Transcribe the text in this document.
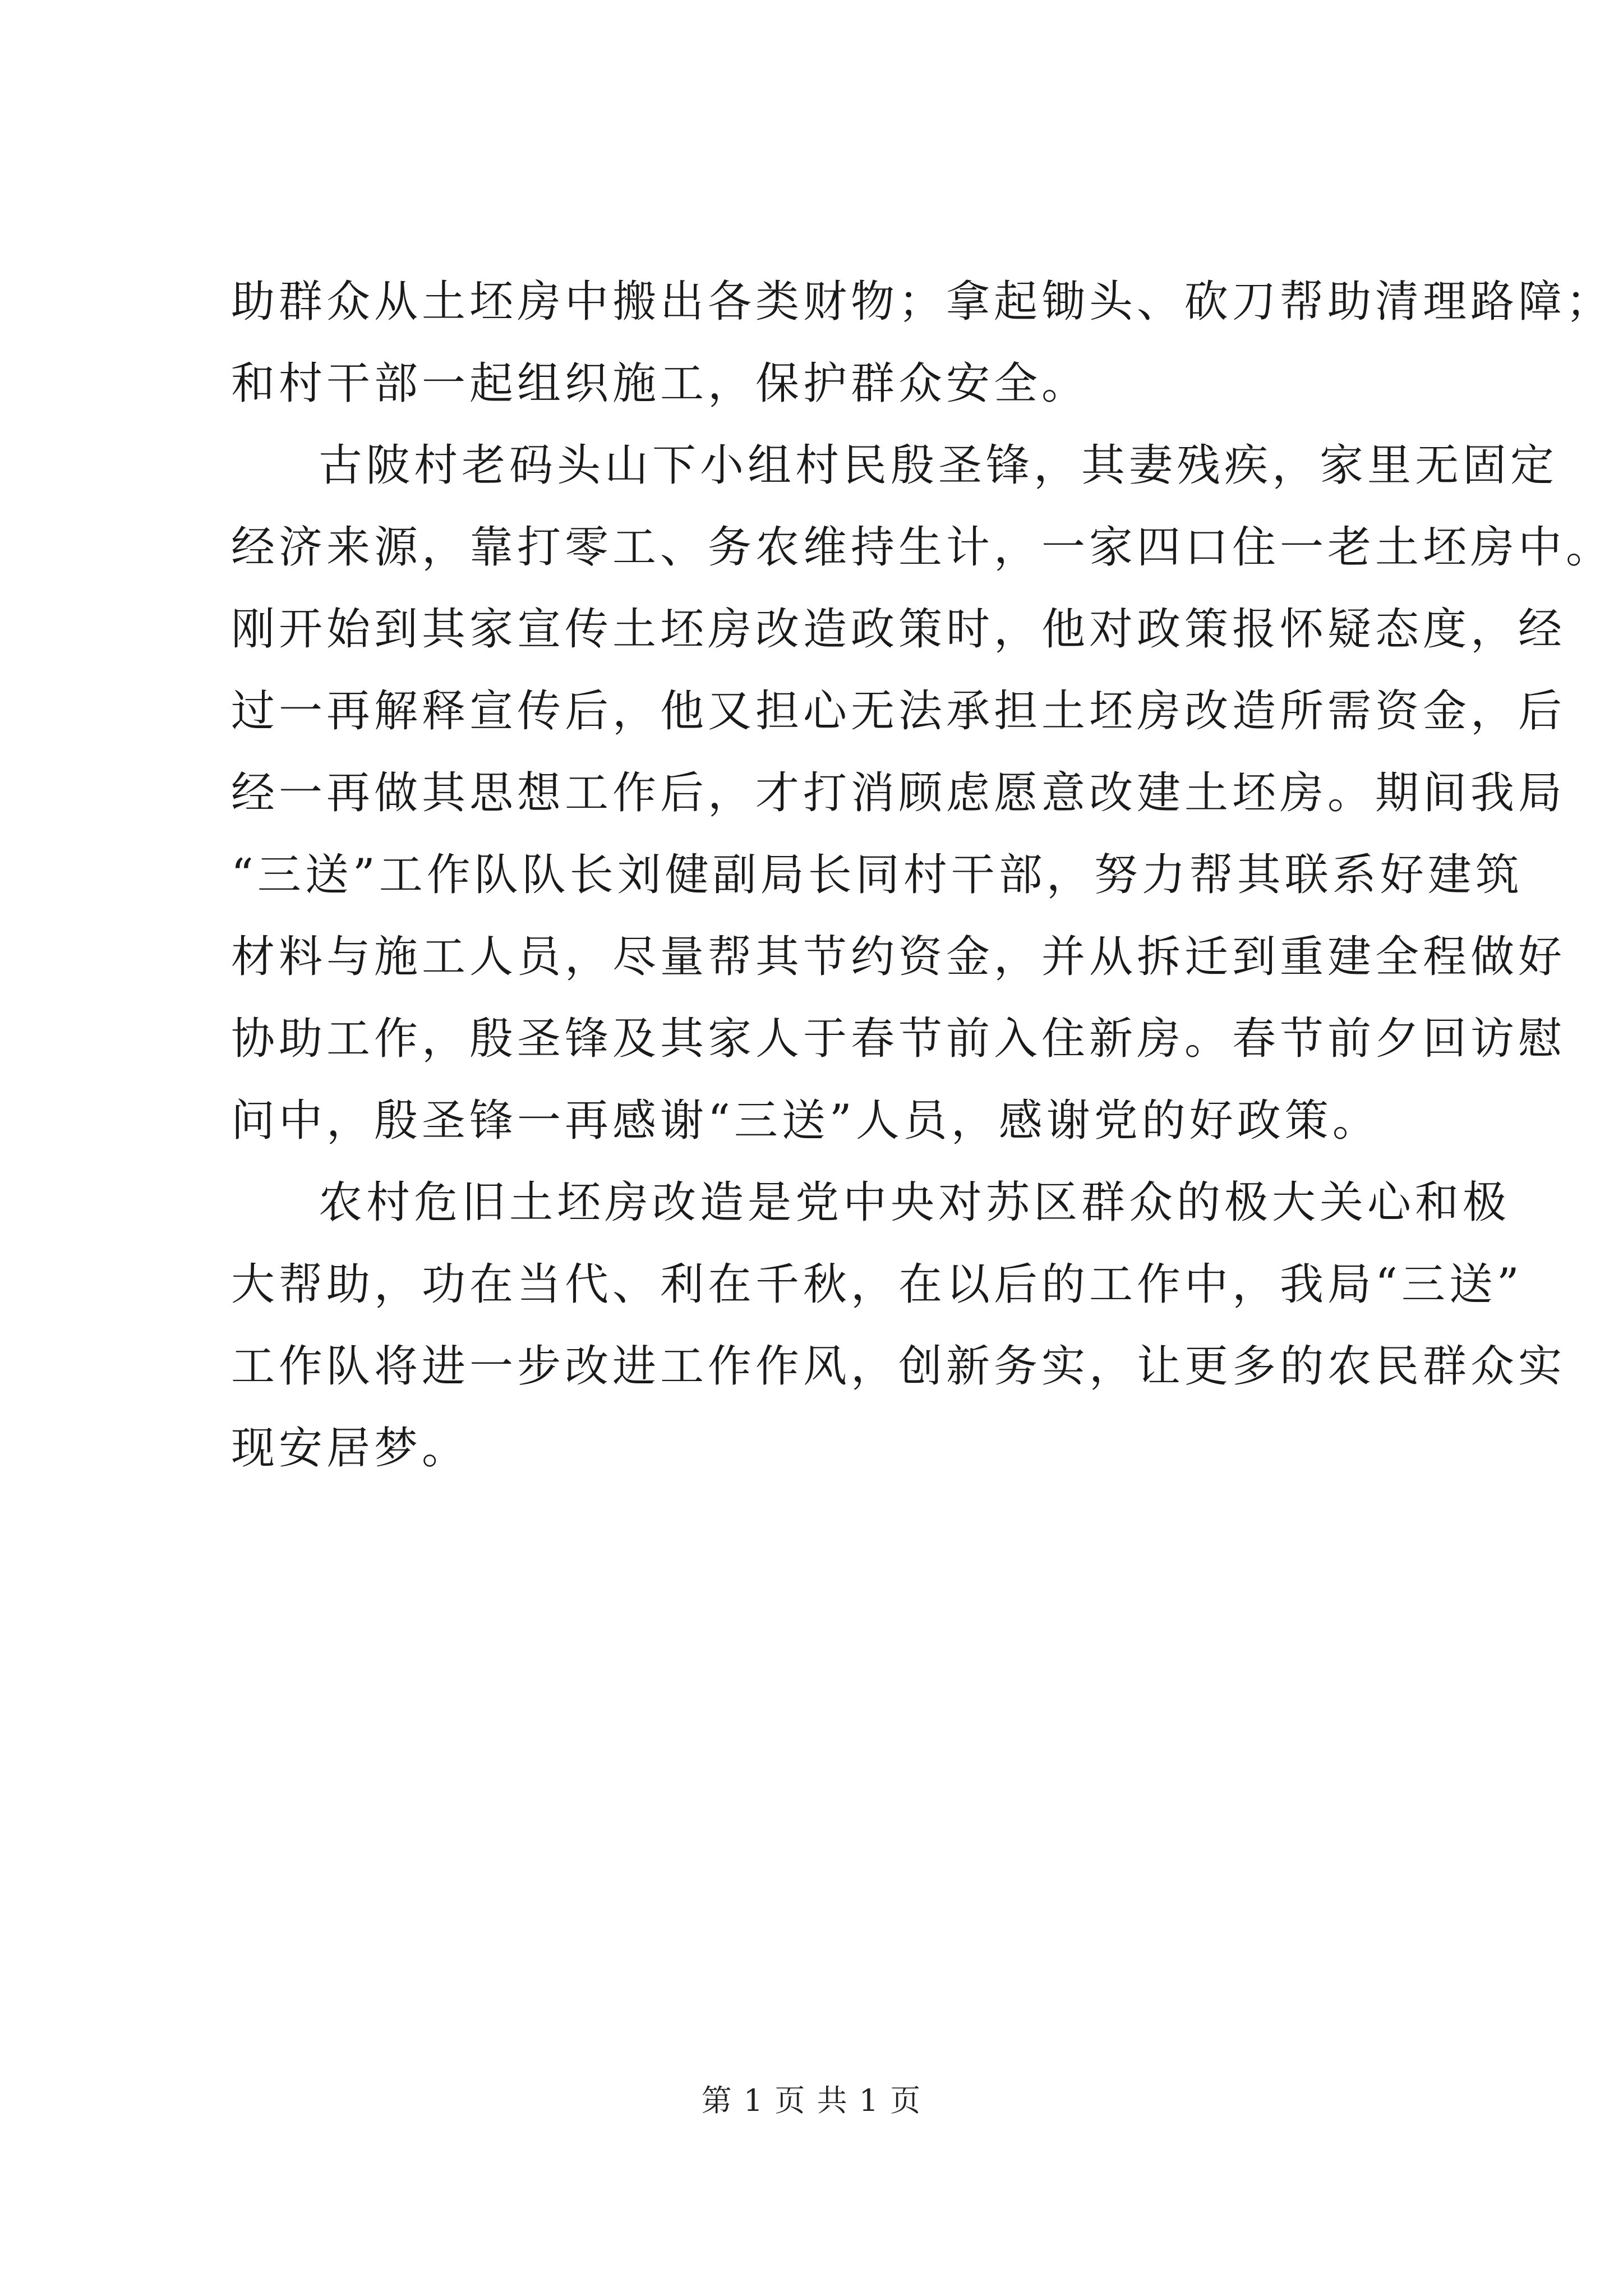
助群众从土坯房中搬出各类财物；拿起锄头、砍刀帮助清理路障；
和村干部一起组织施工，保护群众安全。
古陂村老码头山下小组村民殷圣锋，其妻残疾，家里无固定
经济来源，靠打零工、务农维持生计，一家四口住一老土坯房中。
刚开始到其家宣传土坯房改造政策时，他对政策报怀疑态度，经
过一再解释宣传后，他又担心无法承担土坯房改造所需资金，后
经一再做其思想工作后，才打消顾虑愿意改建土坯房。期间我局
“三送”工作队队长刘健副局长同村干部，努力帮其联系好建筑
材料与施工人员，尽量帮其节约资金，并从拆迁到重建全程做好
协助工作，殷圣锋及其家人于春节前入住新房。春节前夕回访慰
问中，殷圣锋一再感谢“三送”人员，感谢党的好政策。
农村危旧土坯房改造是党中央对苏区群众的极大关心和极
大帮助，功在当代、利在千秋，在以后的工作中，我局“三送”
工作队将进一步改进工作作风，创新务实，让更多的农民群众实
现安居梦。
第 1 页 共 1 页
